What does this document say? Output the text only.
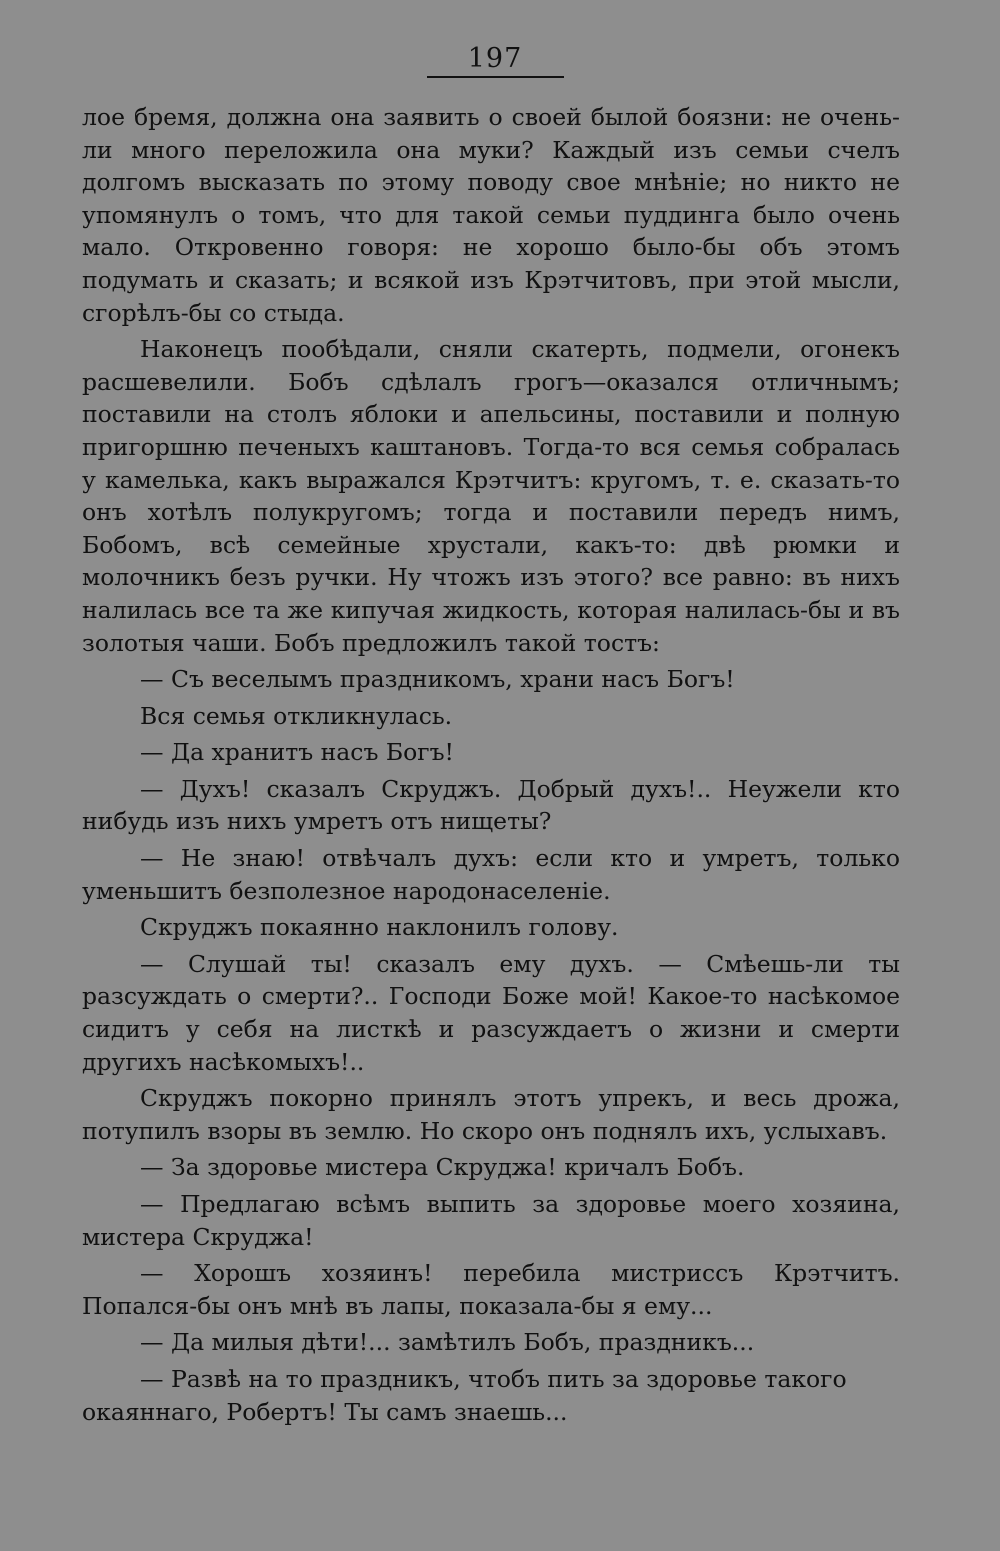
197

лое бремя, должна она заявить о своей былой боязни: не очень-ли много переложила она муки? Каждый изъ семьи счелъ долгомъ высказать по этому поводу свое мнѣніе; но никто не упомянулъ о томъ, что для такой семьи пуддинга было очень мало. Откровенно говоря: не хорошо было-бы объ этомъ подумать и сказать; и всякой изъ Крэтчитовъ, при этой мысли, сгорѣлъ-бы со стыда.

Наконецъ пообѣдали, сняли скатерть, подмели, огонекъ расшевелили. Бобъ сдѣлалъ грогъ—оказался отличнымъ; поставили на столъ яблоки и апельсины, поставили и полную пригоршню печеныхъ каштановъ. Тогда-то вся семья собралась у камелька, какъ выражался Крэтчитъ: кругомъ, т. е. сказать-то онъ хотѣлъ полукругомъ; тогда и поставили передъ нимъ, Бобомъ, всѣ семейные хрустали, какъ-то: двѣ рюмки и молочникъ безъ ручки. Ну чтожъ изъ этого? все равно: въ нихъ налилась все та же кипучая жидкость, которая налилась-бы и въ золотыя чаши. Бобъ предложилъ такой тостъ:

— Съ веселымъ праздникомъ, храни насъ Богъ!

Вся семья откликнулась.

— Да хранитъ насъ Богъ!

— Духъ! сказалъ Скруджъ. Добрый духъ!.. Неужели кто нибудь изъ нихъ умретъ отъ нищеты?

— Не знаю! отвѣчалъ духъ: если кто и умретъ, только уменьшитъ безполезное народонаселеніе.

Скруджъ покаянно наклонилъ голову.

— Слушай ты! сказалъ ему духъ. — Смѣешь-ли ты разсуждать о смерти?.. Господи Боже мой! Какое-то насѣкомое сидитъ у себя на листкѣ и разсуждаетъ о жизни и смерти другихъ насѣкомыхъ!..

Скруджъ покорно принялъ этотъ упрекъ, и весь дрожа, потупилъ взоры въ землю. Но скоро онъ поднялъ ихъ, услыхавъ.

— За здоровье мистера Скруджа! кричалъ Бобъ.

— Предлагаю всѣмъ выпить за здоровье моего хозяина, мистера Скруджа!

— Хорошъ хозяинъ! перебила мистриссъ Крэтчитъ. Попался-бы онъ мнѣ въ лапы, показала-бы я ему...

— Да милыя дѣти!... замѣтилъ Бобъ, праздникъ...

— Развѣ на то праздникъ, чтобъ пить за здоровье такого окаяннаго, Робертъ! Ты самъ знаешь...
